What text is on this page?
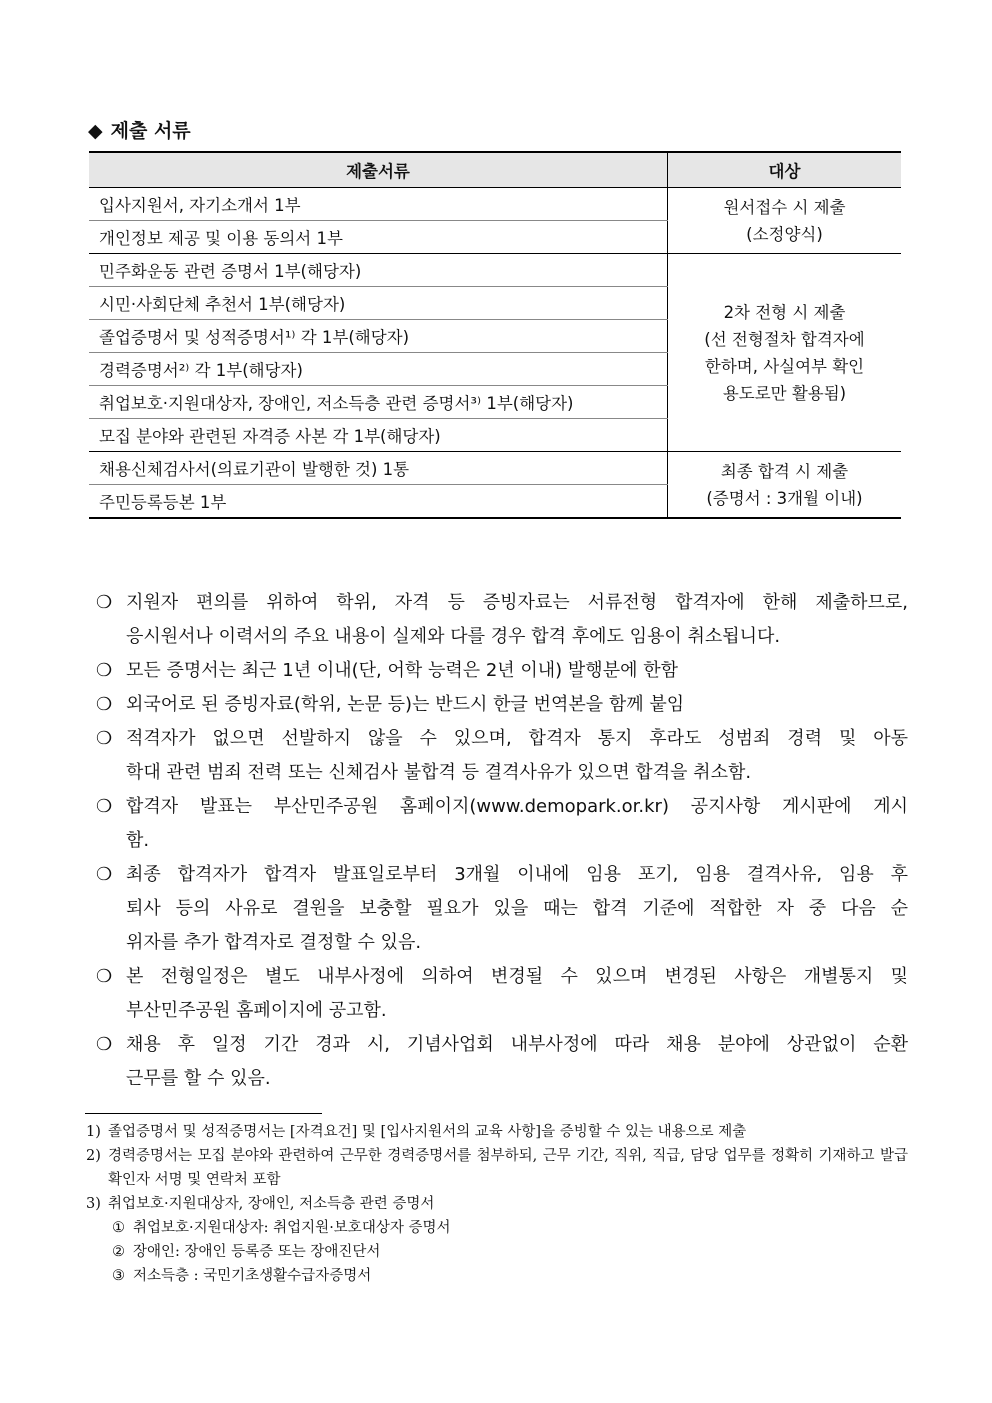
◆ 제출 서류
제출서류	대상
입사지원서, 자기소개서 1부	원서접수 시 제출
(소정양식)

개인정보 제공 및 이용 동의서 1부	
민주화운동 관련 증명서 1부(해당자)	2차 전형 시 제출
(선 전형절차 합격자에
한하며, 사실여부 확인
용도로만 활용됨)

시민·사회단체 추천서 1부(해당자)	
졸업증명서 및 성적증명서¹⁾ 각 1부(해당자)	
경력증명서²⁾ 각 1부(해당자)	
취업보호·지원대상자, 장애인, 저소득층 관련 증명서³⁾ 1부(해당자)	
모집 분야와 관련된 자격증 사본 각 1부(해당자)	
채용신체검사서(의료기관이 발행한 것) 1통	최종 합격 시 제출
(증명서 : 3개월 이내)

주민등록등본 1부	
❍ 지원자 편의를 위하여 학위, 자격 등 증빙자료는 서류전형 합격자에 한해 제출하므로,
응시원서나 이력서의 주요 내용이 실제와 다를 경우 합격 후에도 임용이 취소됩니다.
❍ 모든 증명서는 최근 1년 이내(단, 어학 능력은 2년 이내) 발행분에 한함
❍ 외국어로 된 증빙자료(학위, 논문 등)는 반드시 한글 번역본을 함께 붙임
❍ 적격자가 없으면 선발하지 않을 수 있으며, 합격자 통지 후라도 성범죄 경력 및 아동
학대 관련 범죄 전력 또는 신체검사 불합격 등 결격사유가 있으면 합격을 취소함.
❍ 합격자 발표는 부산민주공원 홈페이지(www.demopark.or.kr) 공지사항 게시판에 게시
함.
❍ 최종 합격자가 합격자 발표일로부터 3개월 이내에 임용 포기, 임용 결격사유, 임용 후
퇴사 등의 사유로 결원을 보충할 필요가 있을 때는 합격 기준에 적합한 자 중 다음 순
위자를 추가 합격자로 결정할 수 있음.
❍ 본 전형일정은 별도 내부사정에 의하여 변경될 수 있으며 변경된 사항은 개별통지 및
부산민주공원 홈페이지에 공고함.
❍ 채용 후 일정 기간 경과 시, 기념사업회 내부사정에 따라 채용 분야에 상관없이 순환
근무를 할 수 있음.
1) 졸업증명서 및 성적증명서는 [자격요건] 및 [입사지원서의 교육 사항]을 증빙할 수 있는 내용으로 제출
2) 경력증명서는 모집 분야와 관련하여 근무한 경력증명서를 첨부하되, 근무 기간, 직위, 직급, 담당 업무를 정확히 기재하고 발급확인자 서명 및 연락처 포함
3) 취업보호·지원대상자, 장애인, 저소득층 관련 증명서
① 취업보호·지원대상자: 취업지원·보호대상자 증명서
② 장애인: 장애인 등록증 또는 장애진단서
③ 저소득층 : 국민기초생활수급자증명서
